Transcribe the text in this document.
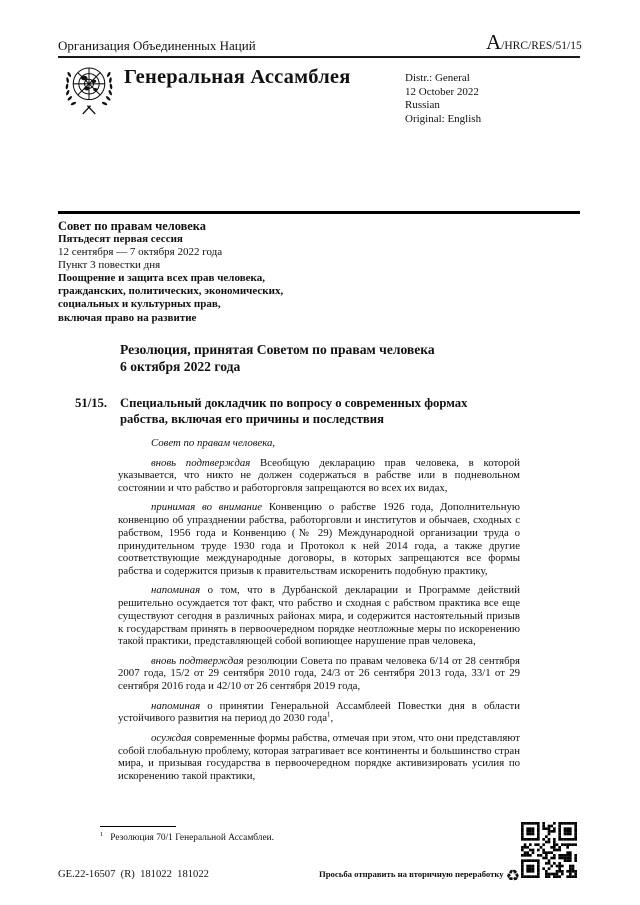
Организация Объединенных Наций	A/HRC/RES/51/15
Генеральная Ассамблея	Distr.: General
12 October 2022
Russian
Original: English
Совет по правам человека
Пятьдесят первая сессия
12 сентября — 7 октября 2022 года
Пункт 3 повестки дня
Поощрение и защита всех прав человека,
гражданских, политических, экономических,
социальных и культурных прав,
включая право на развитие
Резолюция, принятая Советом по правам человека
6 октября 2022 года
51/15.	Специальный докладчик по вопросу о современных формах рабства, включая его причины и последствия

Совет по правам человека,

вновь подтверждая Всеобщую декларацию прав человека, в которой указывается, что никто не должен содержаться в рабстве или в подневольном состоянии и что рабство и работорговля запрещаются во всех их видах,

принимая во внимание Конвенцию о рабстве 1926 года, Дополнительную конвенцию об упразднении рабства, работорговли и институтов и обычаев, сходных с рабством, 1956 года и Конвенцию (№ 29) Международной организации труда о принудительном труде 1930 года и Протокол к ней 2014 года, а также другие соответствующие международные договоры, в которых запрещаются все формы рабства и содержится призыв к правительствам искоренить подобную практику,

напоминая о том, что в Дурбанской декларации и Программе действий решительно осуждается тот факт, что рабство и сходная с рабством практика все еще существуют сегодня в различных районах мира, и содержится настоятельный призыв к государствам принять в первоочередном порядке неотложные меры по искоренению такой практики, представляющей собой вопиющее нарушение прав человека,

вновь подтверждая резолюции Совета по правам человека 6/14 от 28 сентября 2007 года, 15/2 от 29 сентября 2010 года, 24/3 от 26 сентября 2013 года, 33/1 от 29 сентября 2016 года и 42/10 от 26 сентября 2019 года,

напоминая о принятии Генеральной Ассамблеей Повестки дня в области устойчивого развития на период до 2030 года$^1$,

осуждая современные формы рабства, отмечая при этом, что они представляют собой глобальную проблему, которая затрагивает все континенты и большинство стран мира, и призывая государства в первоочередном порядке активизировать усилия по искоренению такой практики,

$^1$ Резолюция 70/1 Генеральной Ассамблеи.
GE.22-16507  (R)  181022  181022	Просьба отправить на вторичную переработку ♻
